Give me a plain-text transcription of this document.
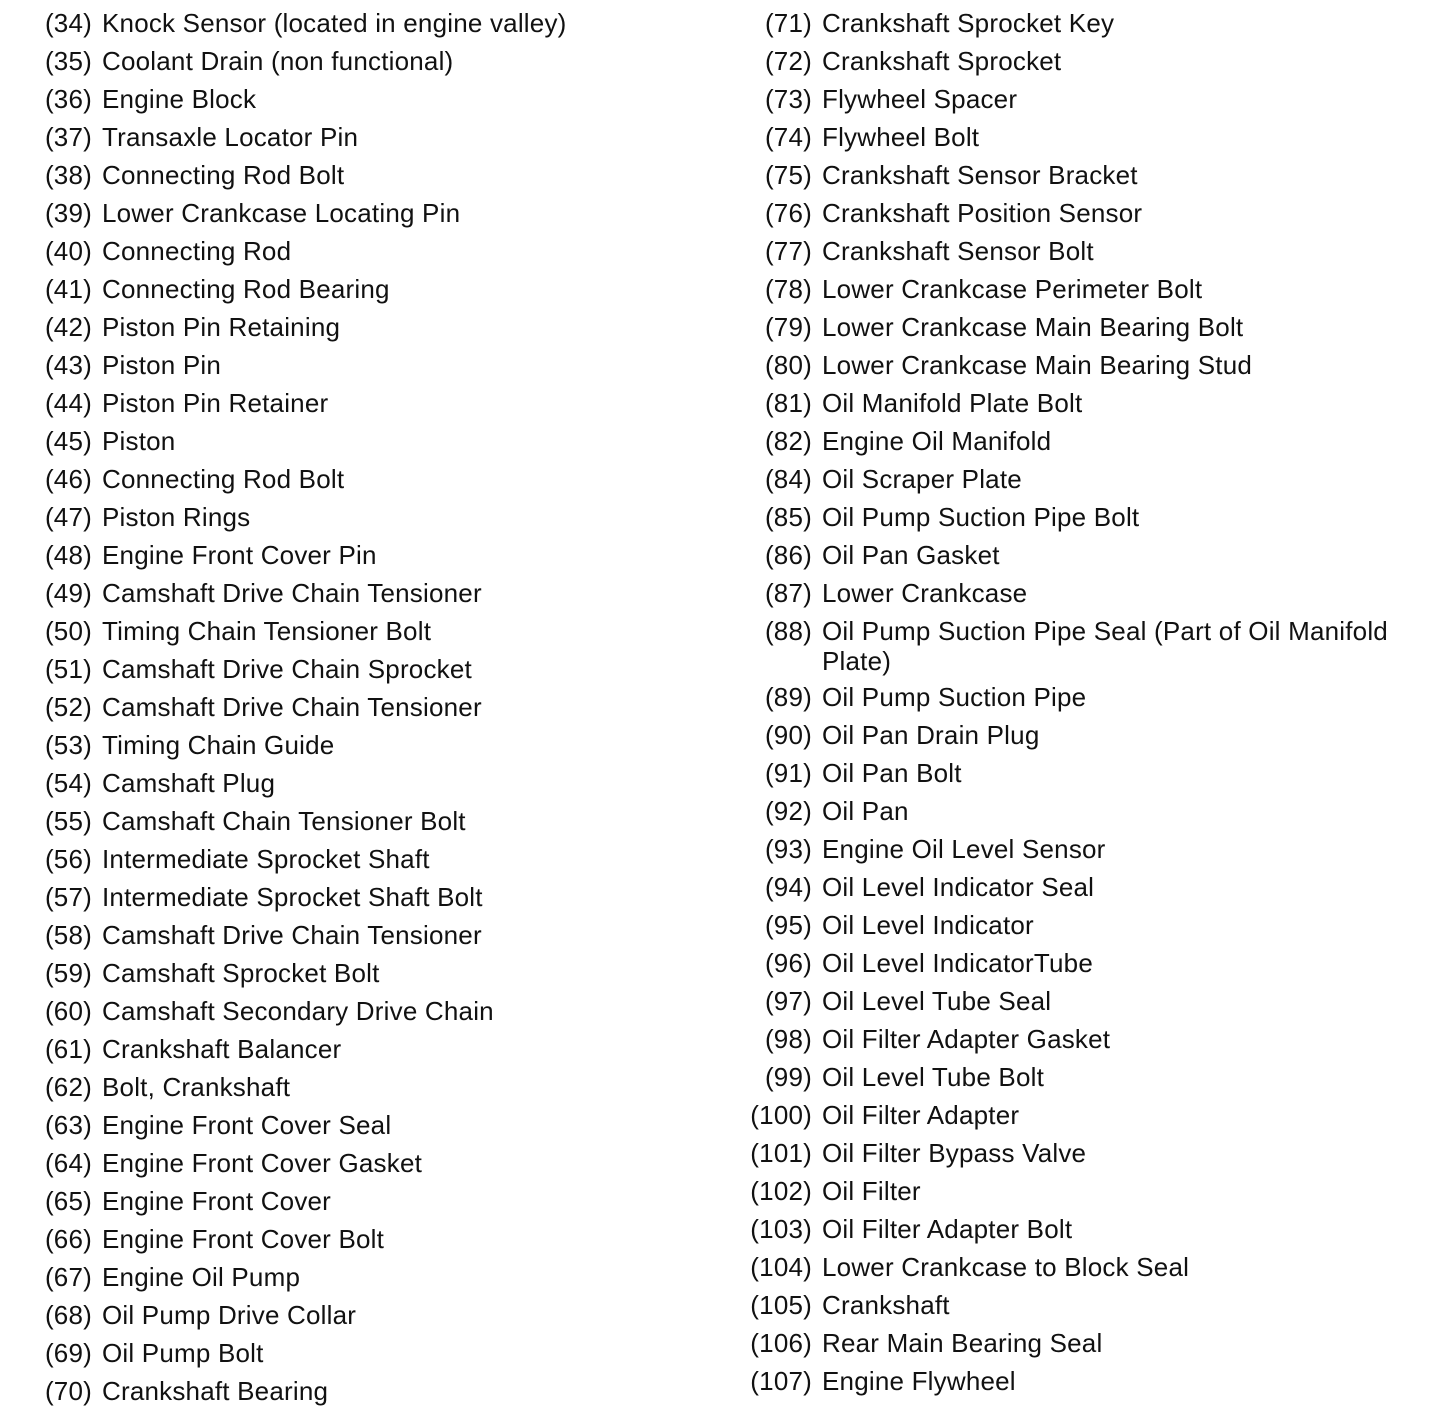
(34) Knock Sensor (located in engine valley)
(35) Coolant Drain (non functional)
(36) Engine Block
(37) Transaxle Locator Pin
(38) Connecting Rod Bolt
(39) Lower Crankcase Locating Pin
(40) Connecting Rod
(41) Connecting Rod Bearing
(42) Piston Pin Retaining
(43) Piston Pin
(44) Piston Pin Retainer
(45) Piston
(46) Connecting Rod Bolt
(47) Piston Rings
(48) Engine Front Cover Pin
(49) Camshaft Drive Chain Tensioner
(50) Timing Chain Tensioner Bolt
(51) Camshaft Drive Chain Sprocket
(52) Camshaft Drive Chain Tensioner
(53) Timing Chain Guide
(54) Camshaft Plug
(55) Camshaft Chain Tensioner Bolt
(56) Intermediate Sprocket Shaft
(57) Intermediate Sprocket Shaft Bolt
(58) Camshaft Drive Chain Tensioner
(59) Camshaft Sprocket Bolt
(60) Camshaft Secondary Drive Chain
(61) Crankshaft Balancer
(62) Bolt, Crankshaft
(63) Engine Front Cover Seal
(64) Engine Front Cover Gasket
(65) Engine Front Cover
(66) Engine Front Cover Bolt
(67) Engine Oil Pump
(68) Oil Pump Drive Collar
(69) Oil Pump Bolt
(70) Crankshaft Bearing
(71) Crankshaft Sprocket Key
(72) Crankshaft Sprocket
(73) Flywheel Spacer
(74) Flywheel Bolt
(75) Crankshaft Sensor Bracket
(76) Crankshaft Position Sensor
(77) Crankshaft Sensor Bolt
(78) Lower Crankcase Perimeter Bolt
(79) Lower Crankcase Main Bearing Bolt
(80) Lower Crankcase Main Bearing Stud
(81) Oil Manifold Plate Bolt
(82) Engine Oil Manifold
(84) Oil Scraper Plate
(85) Oil Pump Suction Pipe Bolt
(86) Oil Pan Gasket
(87) Lower Crankcase
(88) Oil Pump Suction Pipe Seal (Part of Oil Manifold Plate)
(89) Oil Pump Suction Pipe
(90) Oil Pan Drain Plug
(91) Oil Pan Bolt
(92) Oil Pan
(93) Engine Oil Level Sensor
(94) Oil Level Indicator Seal
(95) Oil Level Indicator
(96) Oil Level IndicatorTube
(97) Oil Level Tube Seal
(98) Oil Filter Adapter Gasket
(99) Oil Level Tube Bolt
(100) Oil Filter Adapter
(101) Oil Filter Bypass Valve
(102) Oil Filter
(103) Oil Filter Adapter Bolt
(104) Lower Crankcase to Block Seal
(105) Crankshaft
(106) Rear Main Bearing Seal
(107) Engine Flywheel
